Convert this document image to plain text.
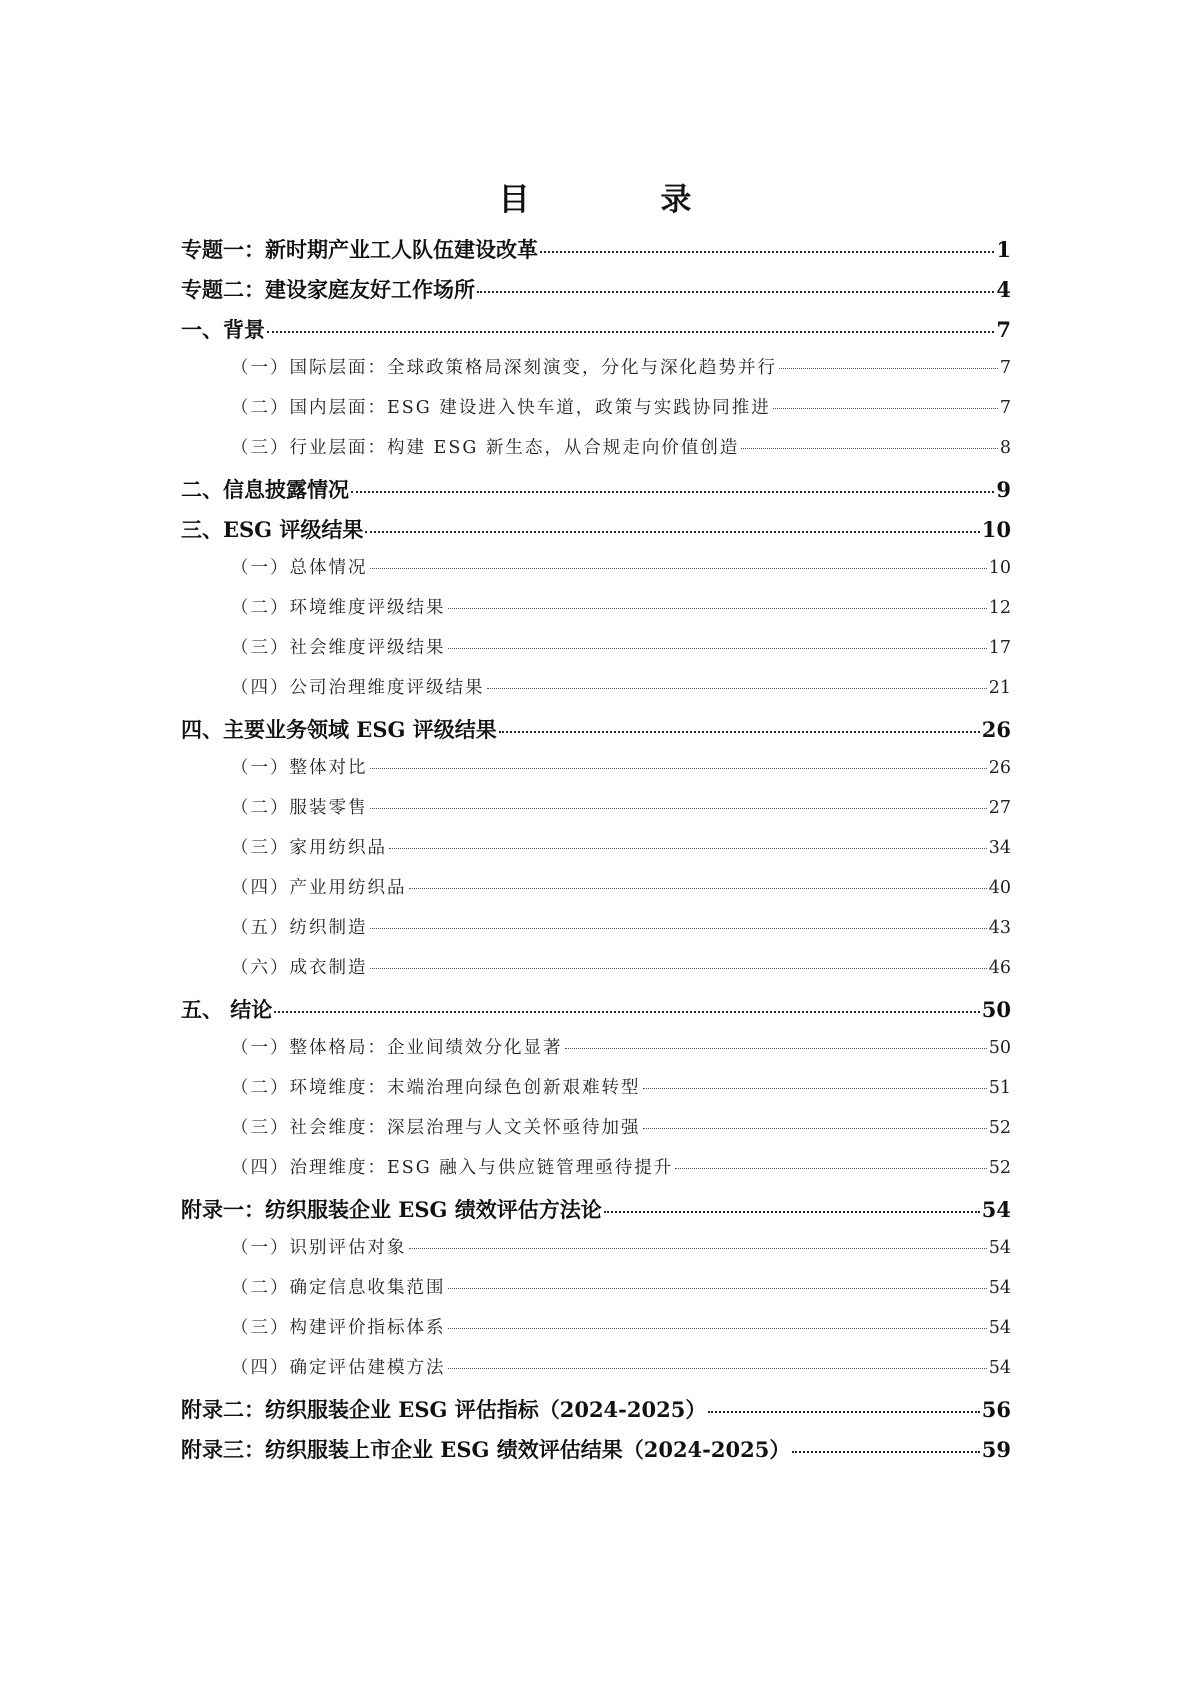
目 录
专题一：新时期产业工人队伍建设改革	1
专题二：建设家庭友好工作场所	4
一、背景	7
（一）国际层面：全球政策格局深刻演变，分化与深化趋势并行	7
（二）国内层面：ESG 建设进入快车道，政策与实践协同推进	7
（三）行业层面：构建 ESG 新生态，从合规走向价值创造	8
二、信息披露情况	9
三、ESG 评级结果	10
（一）总体情况	10
（二）环境维度评级结果	12
（三）社会维度评级结果	17
（四）公司治理维度评级结果	21
四、主要业务领域 ESG 评级结果	26
（一）整体对比	26
（二）服装零售	27
（三）家用纺织品	34
（四）产业用纺织品	40
（五）纺织制造	43
（六）成衣制造	46
五、 结论	50
（一）整体格局：企业间绩效分化显著	50
（二）环境维度：末端治理向绿色创新艰难转型	51
（三）社会维度：深层治理与人文关怀亟待加强	52
（四）治理维度：ESG 融入与供应链管理亟待提升	52
附录一：纺织服装企业 ESG 绩效评估方法论	54
（一）识别评估对象	54
（二）确定信息收集范围	54
（三）构建评价指标体系	54
（四）确定评估建模方法	54
附录二：纺织服装企业 ESG 评估指标（2024-2025）	56
附录三：纺织服装上市企业 ESG 绩效评估结果（2024-2025）	59
